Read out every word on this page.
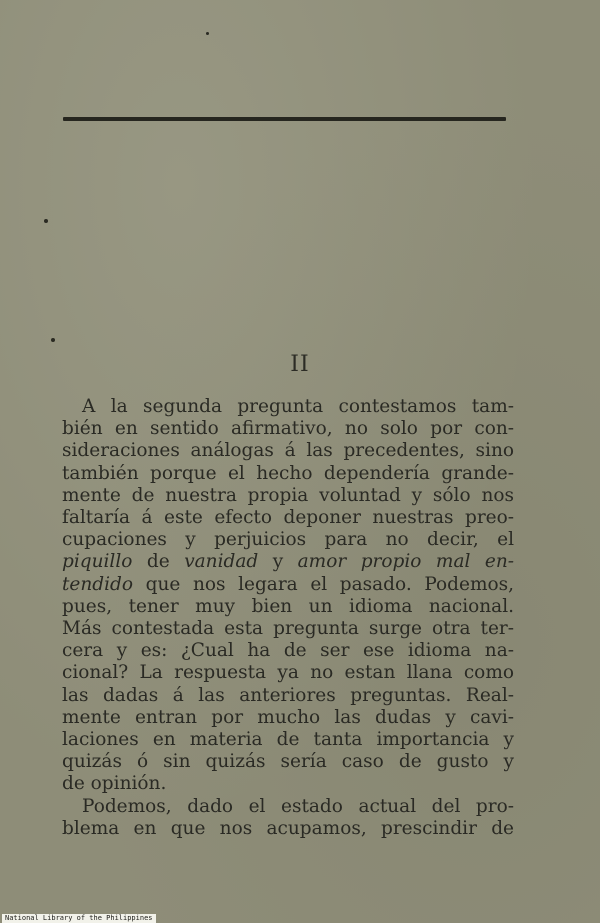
II
A la segunda pregunta contestamos tam-
bién en sentido afirmativo, no solo por con-
sideraciones análogas á las precedentes, sino
también porque el hecho dependería grande-
mente de nuestra propia voluntad y sólo nos
faltaría á este efecto deponer nuestras preo-
cupaciones y perjuicios para no decir, el
piquillo de vanidad y amor propio mal en-
tendido que nos legara el pasado. Podemos,
pues, tener muy bien un idioma nacional.
Más contestada esta pregunta surge otra ter-
cera y es: ¿Cual ha de ser ese idioma na-
cional? La respuesta ya no estan llana como
las dadas á las anteriores preguntas. Real-
mente entran por mucho las dudas y cavi-
laciones en materia de tanta importancia y
quizás ó sin quizás sería caso de gusto y
de opinión.
Podemos, dado el estado actual del pro-
blema en que nos acupamos, prescindir de
National Library of the Philippines
